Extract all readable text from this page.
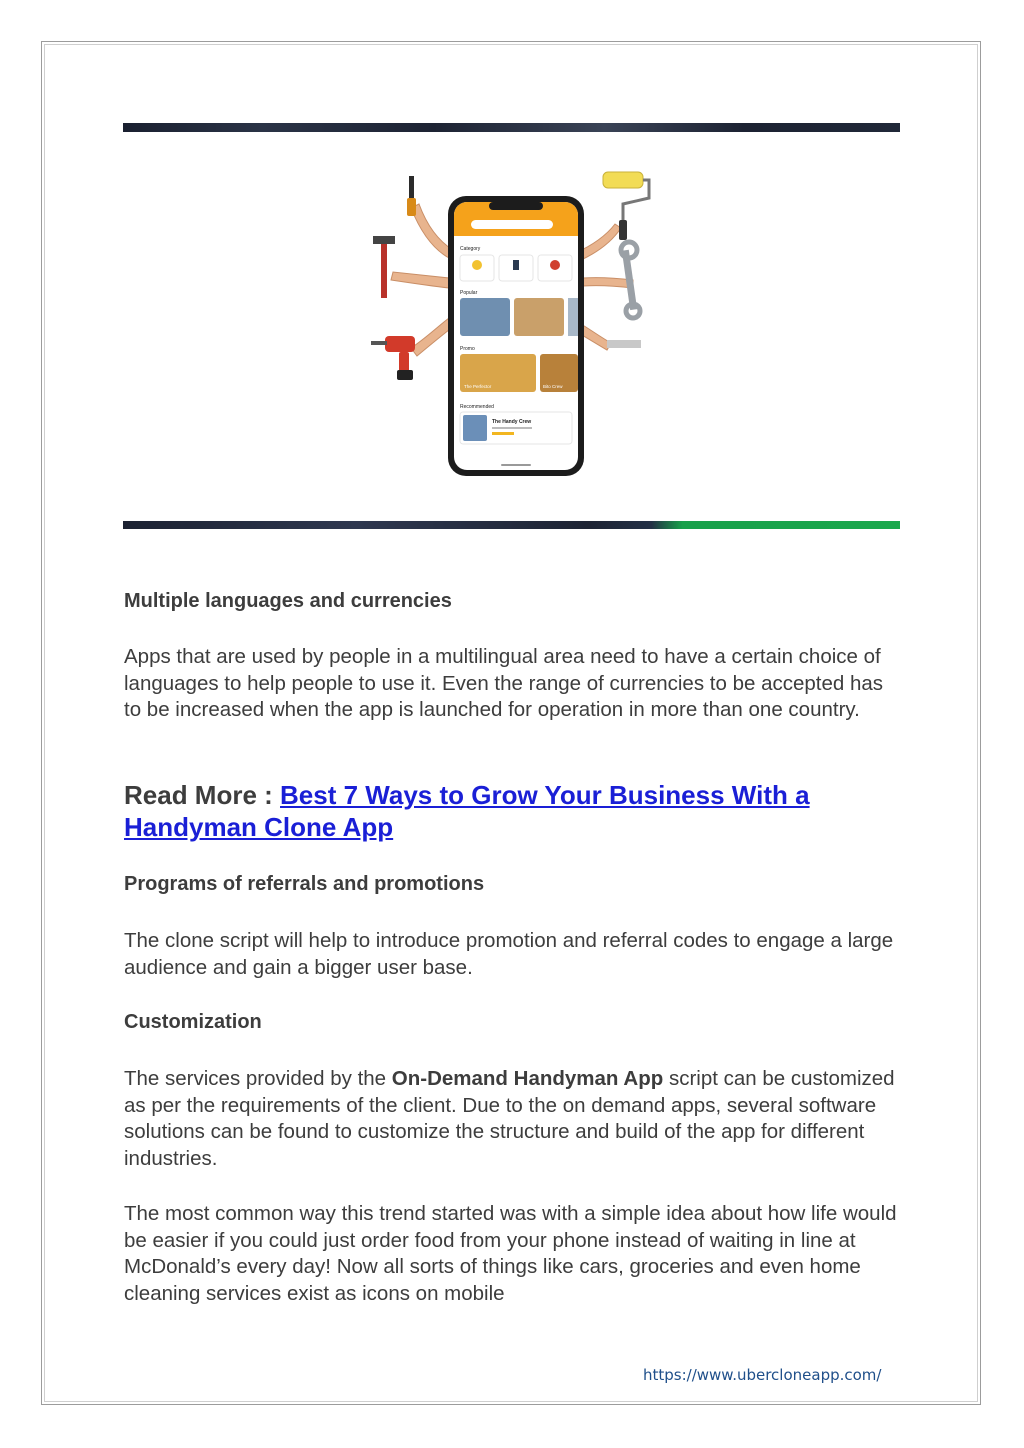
Category
Popular
Promo
The Perfector	Bito Crew
Recommended
The Handy Crew
Multiple languages and currencies

Apps that are used by people in a multilingual area need to have a certain choice of languages to help people to use it. Even the range of currencies to be accepted has to be increased when the app is launched for operation in more than one country.

Read More : Best 7 Ways to Grow Your Business With a Handyman Clone App

Programs of referrals and promotions

The clone script will help to introduce promotion and referral codes to engage a large audience and gain a bigger user base.

Customization

The services provided by the On-Demand Handyman App script can be customized as per the requirements of the client. Due to the on demand apps, several software solutions can be found to customize the structure and build of the app for different industries.

The most common way this trend started was with a simple idea about how life would be easier if you could just order food from your phone instead of waiting in line at McDonald’s every day! Now all sorts of things like cars, groceries and even home cleaning services exist as icons on mobile

https://www.ubercloneapp.com/
